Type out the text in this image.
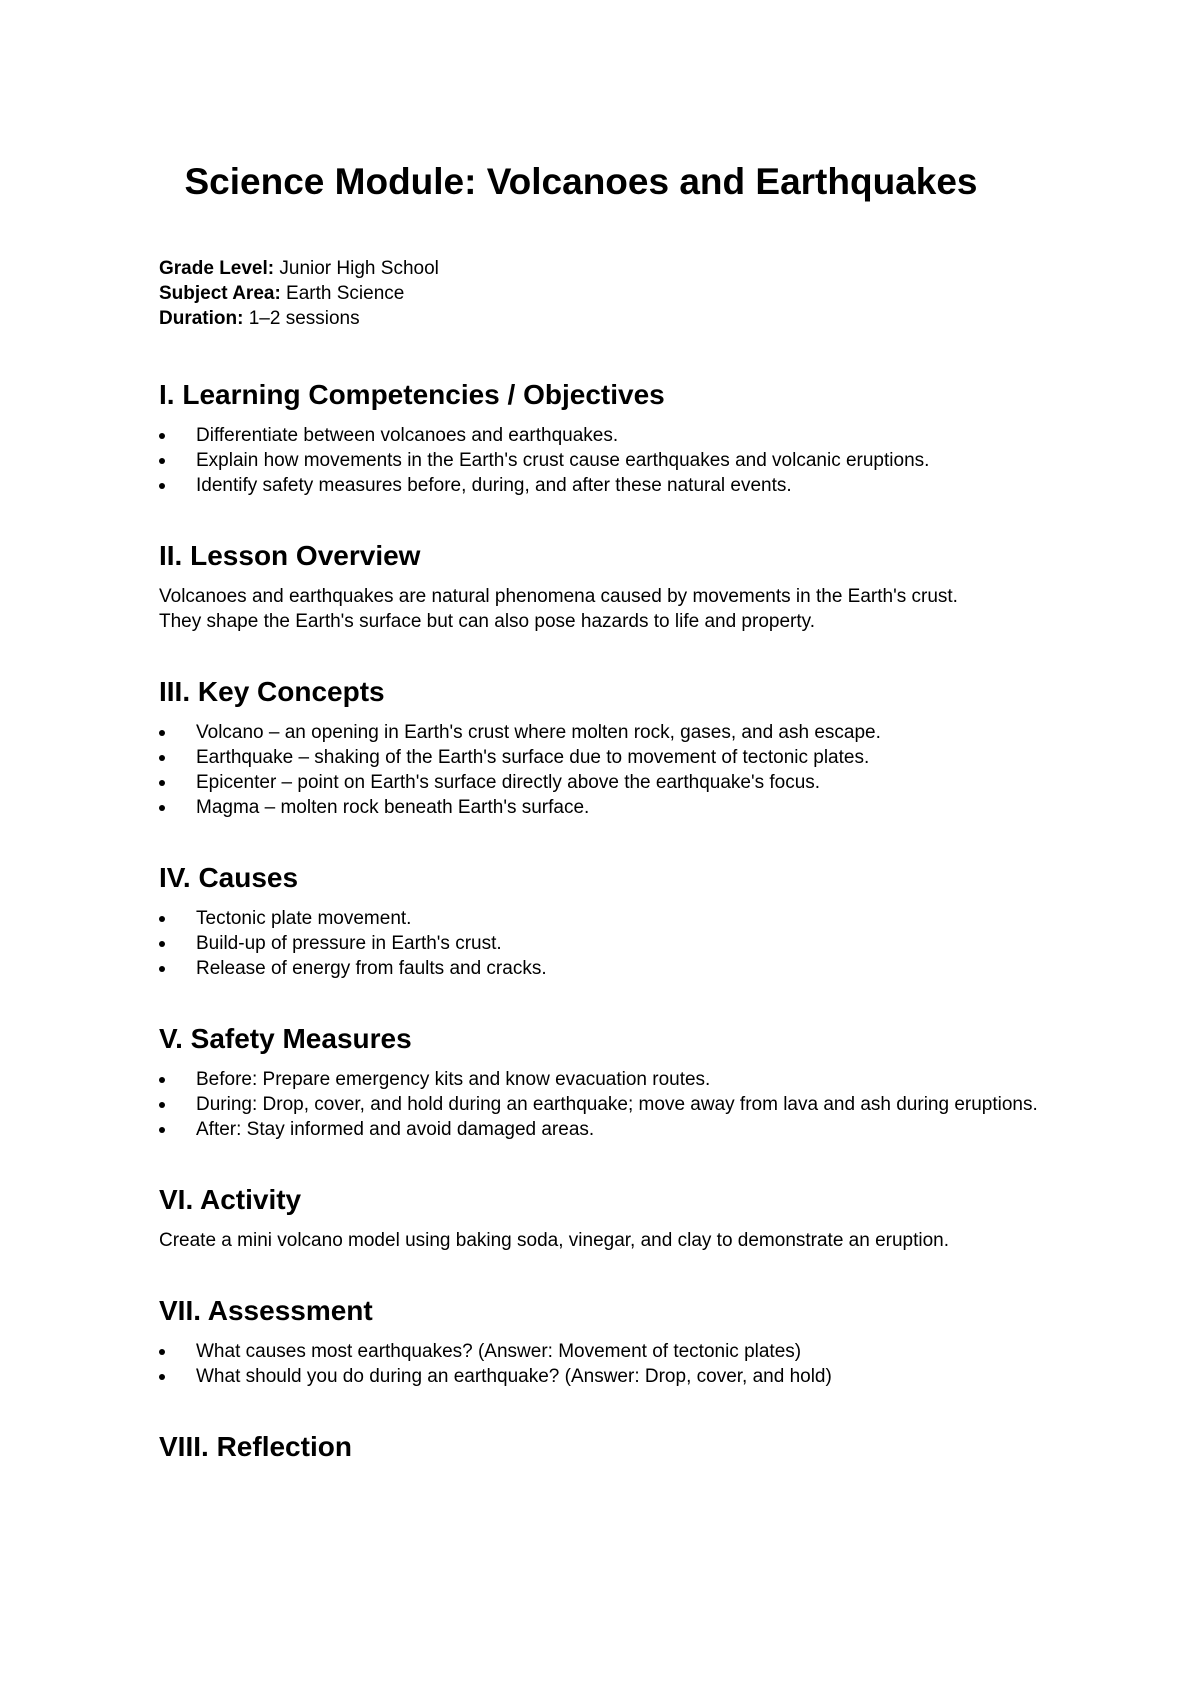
Science Module: Volcanoes and Earthquakes

Grade Level: Junior High School

Subject Area: Earth Science

Duration: 1–2 sessions

I. Learning Competencies / Objectives
Differentiate between volcanoes and earthquakes.
Explain how movements in the Earth's crust cause earthquakes and volcanic eruptions.
Identify safety measures before, during, and after these natural events.
II. Lesson Overview

Volcanoes and earthquakes are natural phenomena caused by movements in the Earth's crust.

They shape the Earth's surface but can also pose hazards to life and property.

III. Key Concepts
Volcano – an opening in Earth's crust where molten rock, gases, and ash escape.
Earthquake – shaking of the Earth's surface due to movement of tectonic plates.
Epicenter – point on Earth's surface directly above the earthquake's focus.
Magma – molten rock beneath Earth's surface.
IV. Causes
Tectonic plate movement.
Build-up of pressure in Earth's crust.
Release of energy from faults and cracks.
V. Safety Measures
Before: Prepare emergency kits and know evacuation routes.
During: Drop, cover, and hold during an earthquake; move away from lava and ash during eruptions.
After: Stay informed and avoid damaged areas.
VI. Activity

Create a mini volcano model using baking soda, vinegar, and clay to demonstrate an eruption.

VII. Assessment
What causes most earthquakes? (Answer: Movement of tectonic plates)
What should you do during an earthquake? (Answer: Drop, cover, and hold)
VIII. Reflection
